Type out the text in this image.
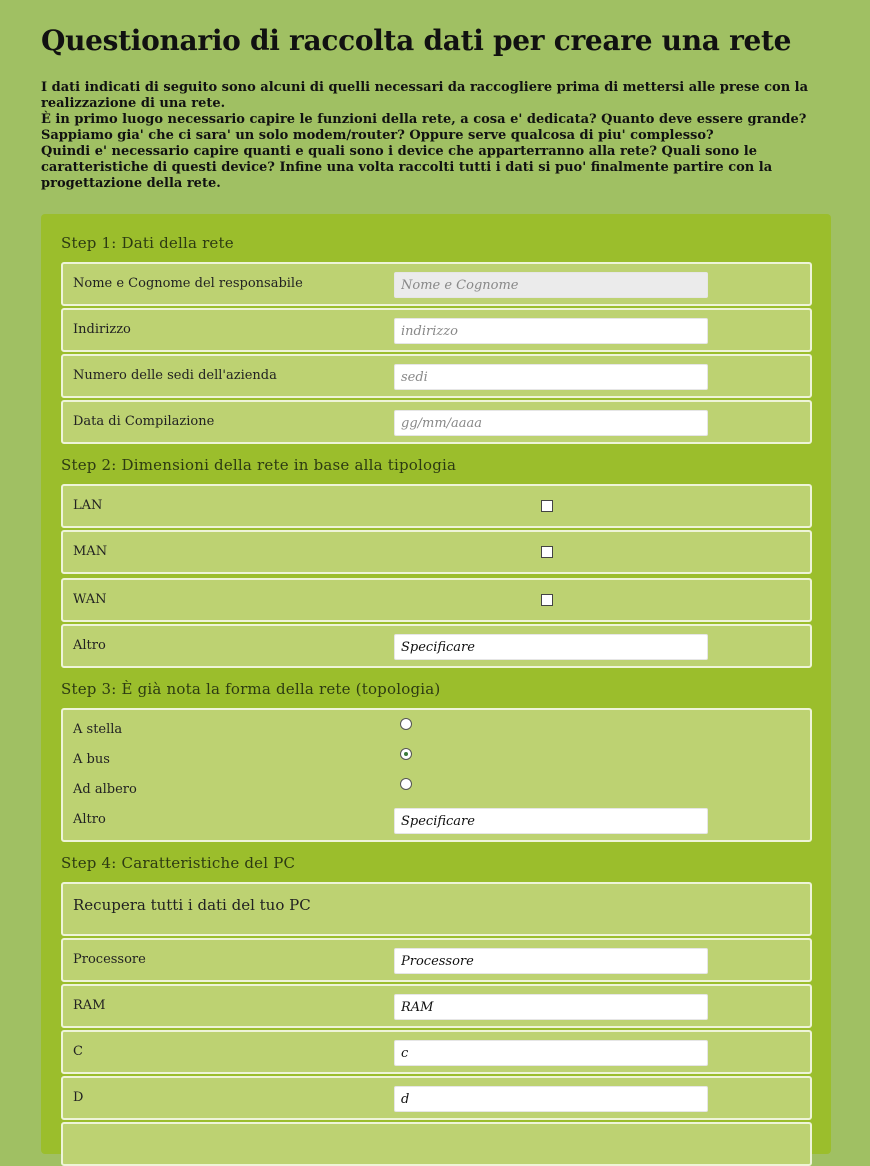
Questionario di raccolta dati per creare una rete

I dati indicati di seguito sono alcuni di quelli necessari da raccogliere prima di mettersi alle prese con la realizzazione di una rete.

È in primo luogo necessario capire le funzioni della rete, a cosa e' dedicata? Quanto deve essere grande? Sappiamo gia' che ci sara' un solo modem/router? Oppure serve qualcosa di piu' complesso?

Quindi e' necessario capire quanti e quali sono i device che apparterranno alla rete? Quali sono le caratteristiche di questi device? Infine una volta raccolti tutti i dati si puo' finalmente partire con la progettazione della rete.

Step 1: Dati della rete
Nome e Cognome del responsabile
Nome e Cognome
Indirizzo
indirizzo
Numero delle sedi dell'azienda
sedi
Data di Compilazione
gg/mm/aaaa
Step 2: Dimensioni della rete in base alla tipologia
LAN
MAN
WAN
Altro
Specificare
Step 3: È già nota la forma della rete (topologia)
A stella
A bus
Ad albero
Altro
Specificare
Step 4: Caratteristiche del PC
Recupera tutti i dati del tuo PC
Processore
Processore
RAM
RAM
C
c
D
d
